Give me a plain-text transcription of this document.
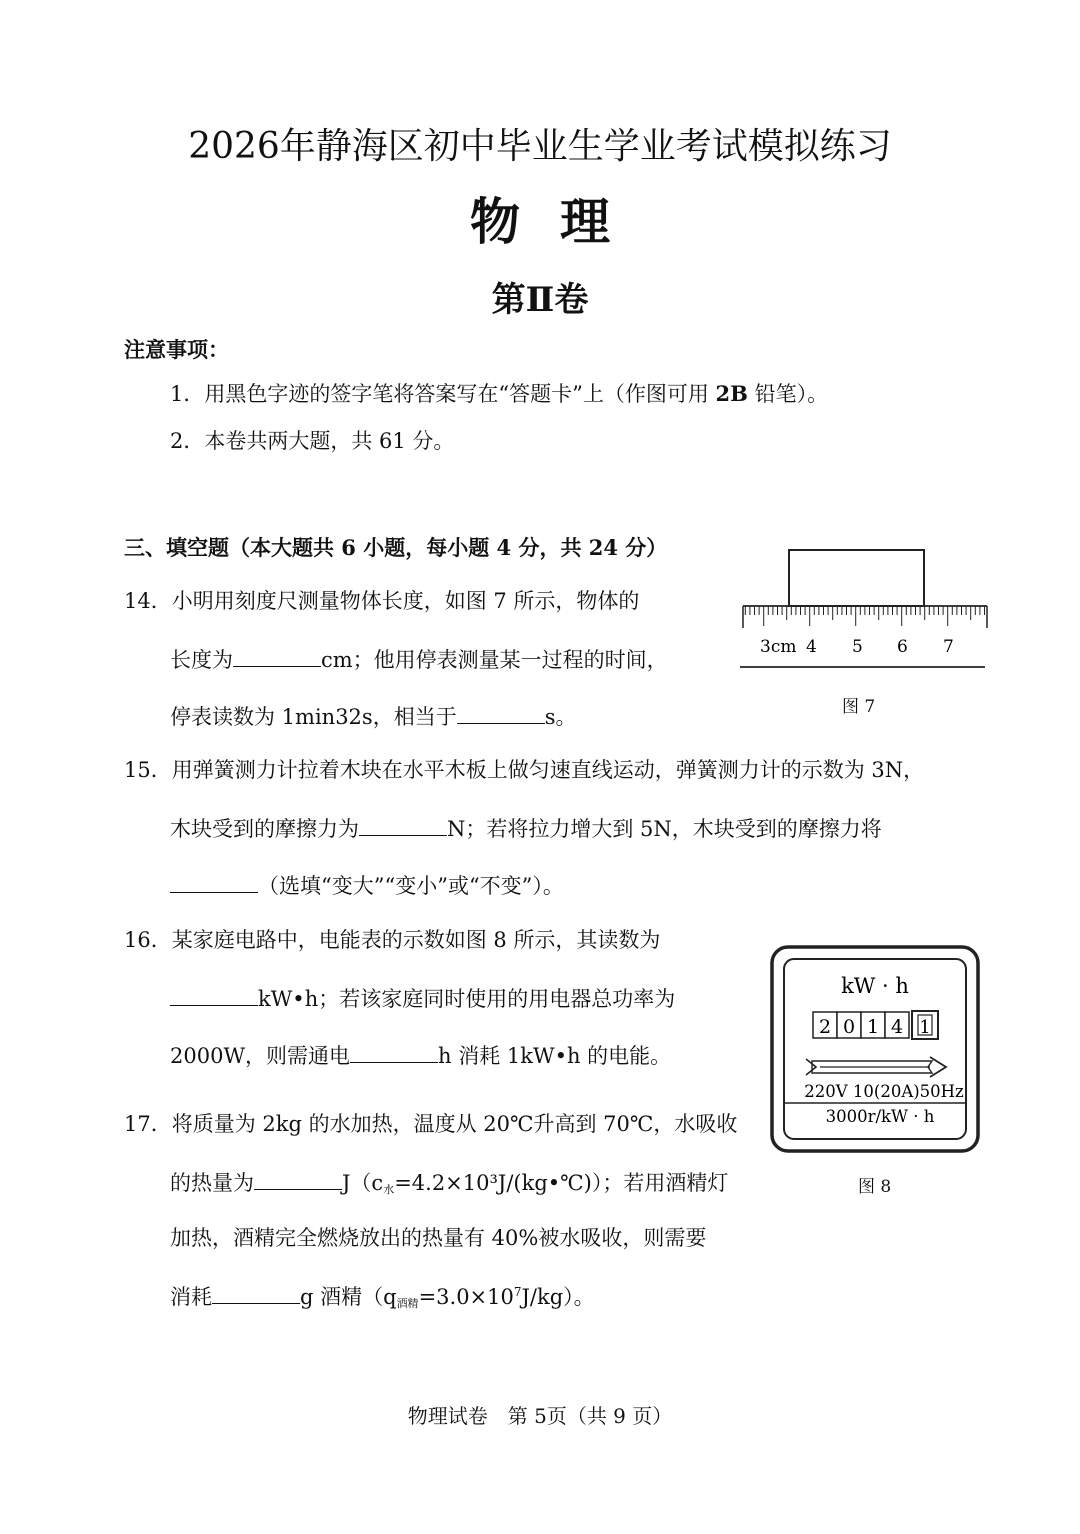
2026年静海区初中毕业生学业考试模拟练习
物理
第Ⅱ卷
注意事项：
1．用黑色字迹的签字笔将答案写在“答题卡”上（作图可用 2B 铅笔）。
2．本卷共两大题，共 61 分。
三、填空题（本大题共 6 小题，每小题 4 分，共 24 分）
14．小明用刻度尺测量物体长度，如图 7 所示，物体的
长度为	cm；他用停表测量某一过程的时间，
停表读数为 1min32s，相当于	s。
3cm 4 5 6 7
图 7
15．用弹簧测力计拉着木块在水平木板上做匀速直线运动，弹簧测力计的示数为 3N，
木块受到的摩擦力为	N；若将拉力增大到 5N，木块受到的摩擦力将
（选填“变大”“变小”或“不变”）。
16．某家庭电路中，电能表的示数如图 8 所示，其读数为
kW•h；若该家庭同时使用的用电器总功率为
2000W，则需通电	h 消耗 1kW•h 的电能。
kW · h
2 0 1 4 1
220V 10(20A)50Hz
3000r/kW · h
图 8
17．将质量为 2kg 的水加热，温度从 20℃升高到 70℃，水吸收
的热量为	$J(c_水=4.2\times 10^3J/(kg•℃))$；若用酒精灯
加热，酒精完全燃烧放出的热量有 40%被水吸收，则需要
消耗	g 酒精$(q_{酒精}=3.0\times 10^7J/kg)$。
物理试卷　第 5页（共 9 页）
